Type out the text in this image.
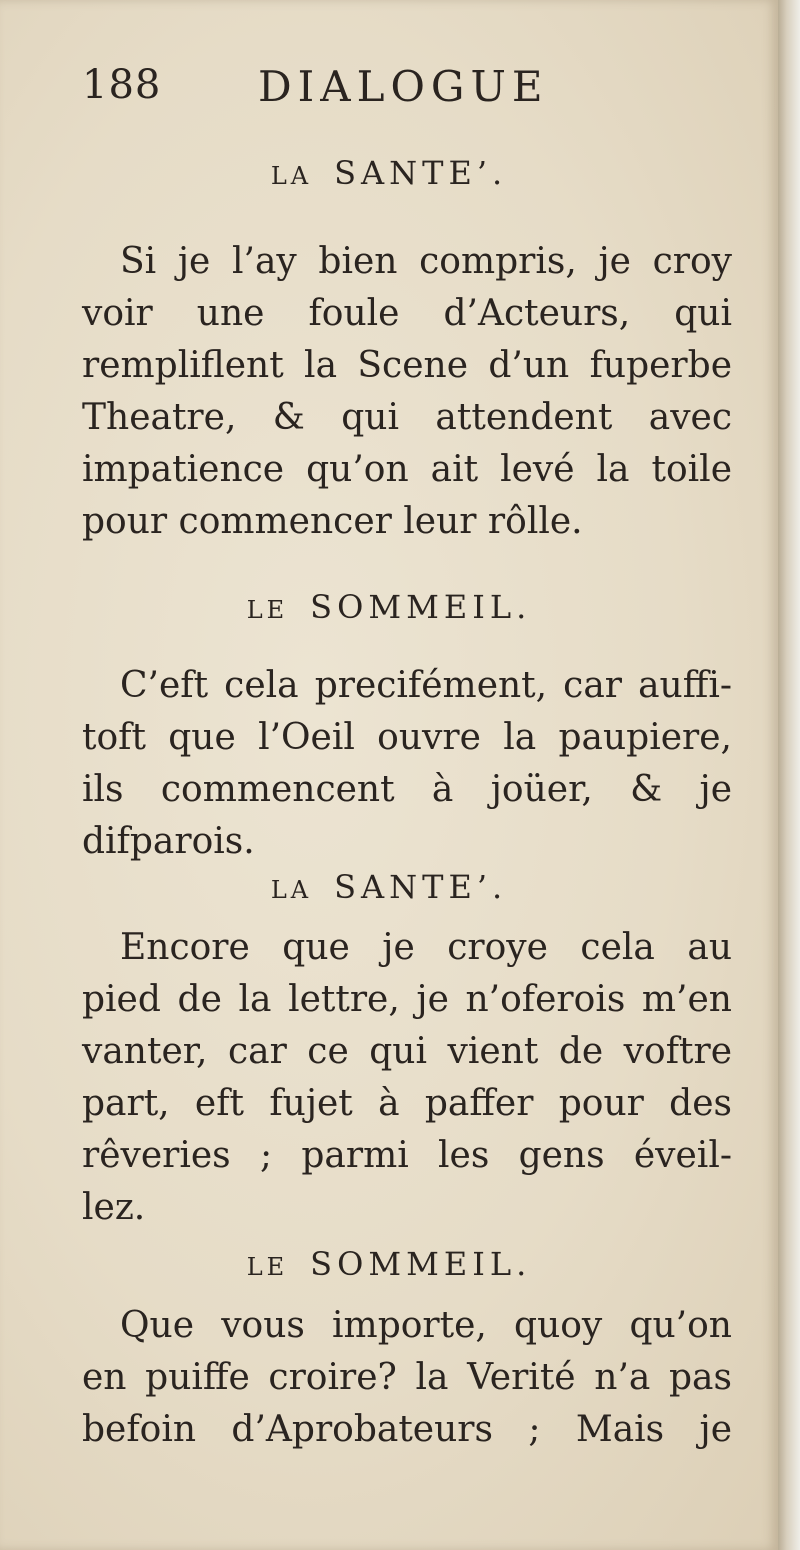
188 DIALOGUE
LA SANTE’.
Si je l’ay bien compris, je croy
voir une foule d’Acteurs, qui
rempliflent la Scene d’un fuperbe
Theatre, & qui attendent avec
impatience qu’on ait levé la toile
pour commencer leur rôlle.
LE SOMMEIL.
C’eft cela precifément, car auffi-
toft que l’Oeil ouvre la paupiere,
ils commencent à joüer, & je
difparois.
LA SANTE’.
Encore que je croye cela au
pied de la lettre, je n’oferois m’en
vanter, car ce qui vient de voftre
part, eft fujet à paffer pour des
rêveries ; parmi les gens éveil-
lez.
LE SOMMEIL.
Que vous importe, quoy qu’on
en puiffe croire? la Verité n’a pas
befoin d’Aprobateurs ; Mais je
